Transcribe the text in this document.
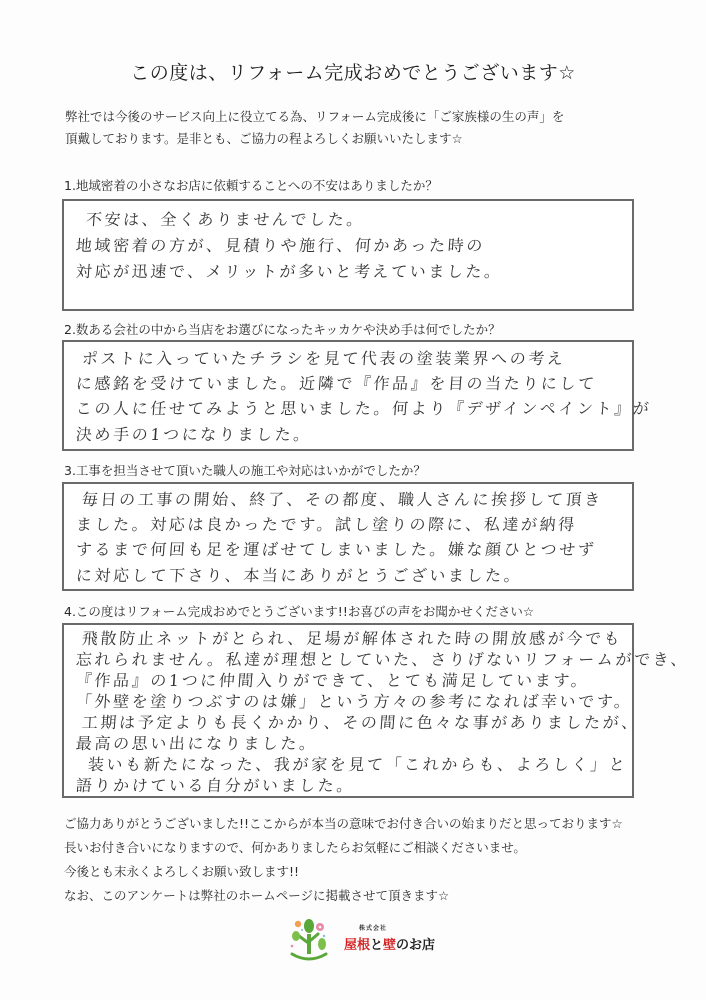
この度は、リフォーム完成おめでとうございます☆
弊社では今後のサービス向上に役立てる為、リフォーム完成後に「ご家族様の生の声」を
頂戴しております。是非とも、ご協力の程よろしくお願いいたします☆
1.地域密着の小さなお店に依頼することへの不安はありましたか？
不安は、全くありませんでした。
地域密着の方が、見積りや施行、何かあった時の
対応が迅速で、メリットが多いと考えていました。
2.数ある会社の中から当店をお選びになったキッカケや決め手は何でしたか？
ポストに入っていたチラシを見て代表の塗装業界への考え
に感銘を受けていました。近隣で『作品』を目の当たりにして
この人に任せてみようと思いました。何より『デザインペイント』が
決め手の1つになりました。
3.工事を担当させて頂いた職人の施工や対応はいかがでしたか？
毎日の工事の開始、終了、その都度、職人さんに挨拶して頂き
ました。対応は良かったです。試し塗りの際に、私達が納得
するまで何回も足を運ばせてしまいました。嫌な顔ひとつせず
に対応して下さり、本当にありがとうございました。
4.この度はリフォーム完成おめでとうございます!!お喜びの声をお聞かせください☆
飛散防止ネットがとられ、足場が解体された時の開放感が今でも
忘れられません。私達が理想としていた、さりげないリフォームができ、
『作品』の1つに仲間入りができて、とても満足しています。
「外壁を塗りつぶすのは嫌」という方々の参考になれば幸いです。
工期は予定よりも長くかかり、その間に色々な事がありましたが、
最高の思い出になりました。
装いも新たになった、我が家を見て「これからも、よろしく」と
語りかけている自分がいました。
ご協力ありがとうございました!!ここからが本当の意味でお付き合いの始まりだと思っております☆
長いお付き合いになりますので、何かありましたらお気軽にご相談くださいませ。
今後とも末永くよろしくお願い致します!!
なお、このアンケートは弊社のホームページに掲載させて頂きます☆
株式会社
屋根と壁のお店
